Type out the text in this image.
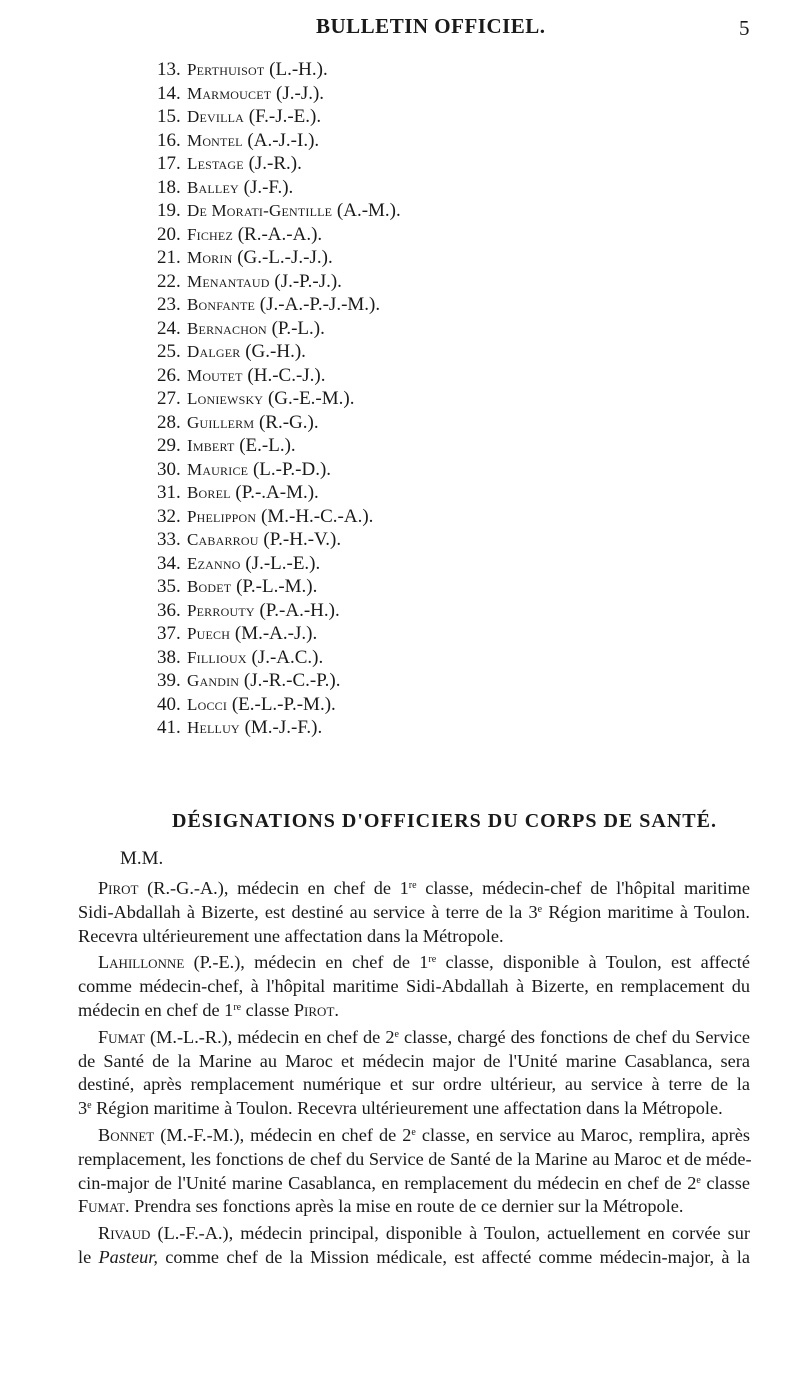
BULLETIN OFFICIEL.	5
13. Perthuisot (L.-H.).
14. Marmoucet (J.-J.).
15. Devilla (F.-J.-E.).
16. Montel (A.-J.-I.).
17. Lestage (J.-R.).
18. Balley (J.-F.).
19. De Morati-Gentille (A.-M.).
20. Fichez (R.-A.-A.).
21. Morin (G.-L.-J.-J.).
22. Menantaud (J.-P.-J.).
23. Bonfante (J.-A.-P.-J.-M.).
24. Bernachon (P.-L.).
25. Dalger (G.-H.).
26. Moutet (H.-C.-J.).
27. Loniewsky (G.-E.-M.).
28. Guillerm (R.-G.).
29. Imbert (E.-L.).
30. Maurice (L.-P.-D.).
31. Borel (P.-.A-M.).
32. Phelippon (M.-H.-C.-A.).
33. Cabarrou (P.-H.-V.).
34. Ezanno (J.-L.-E.).
35. Bodet (P.-L.-M.).
36. Perrouty (P.-A.-H.).
37. Puech (M.-A.-J.).
38. Fillioux (J.-A.C.).
39. Gandin (J.-R.-C.-P.).
40. Locci (E.-L.-P.-M.).
41. Helluy (M.-J.-F.).
DÉSIGNATIONS D'OFFICIERS DU CORPS DE SANTÉ.
M.M.

Pirot (R.-G.-A.), médecin en chef de 1re classe, médecin-chef de l'hôpital maritime
Sidi-Abdallah à Bizerte, est destiné au service à terre de la 3e Région maritime à Toulon.
Recevra ultérieurement une affectation dans la Métropole.

Lahillonne (P.-E.), médecin en chef de 1re classe, disponible à Toulon, est affecté
comme médecin-chef, à l'hôpital maritime Sidi-Abdallah à Bizerte, en remplacement du
médecin en chef de 1re classe Pirot.

Fumat (M.-L.-R.), médecin en chef de 2e classe, chargé des fonctions de chef du Service
de Santé de la Marine au Maroc et médecin major de l'Unité marine Casablanca, sera
destiné, après remplacement numérique et sur ordre ultérieur, au service à terre de la
3e Région maritime à Toulon. Recevra ultérieurement une affectation dans la Métropole.

Bonnet (M.-F.-M.), médecin en chef de 2e classe, en service au Maroc, remplira, après
remplacement, les fonctions de chef du Service de Santé de la Marine au Maroc et de méde-
cin-major de l'Unité marine Casablanca, en remplacement du médecin en chef de 2e classe
Fumat. Prendra ses fonctions après la mise en route de ce dernier sur la Métropole.

Rivaud (L.-F.-A.), médecin principal, disponible à Toulon, actuellement en corvée sur
le Pasteur, comme chef de la Mission médicale, est affecté comme médecin-major, à la
